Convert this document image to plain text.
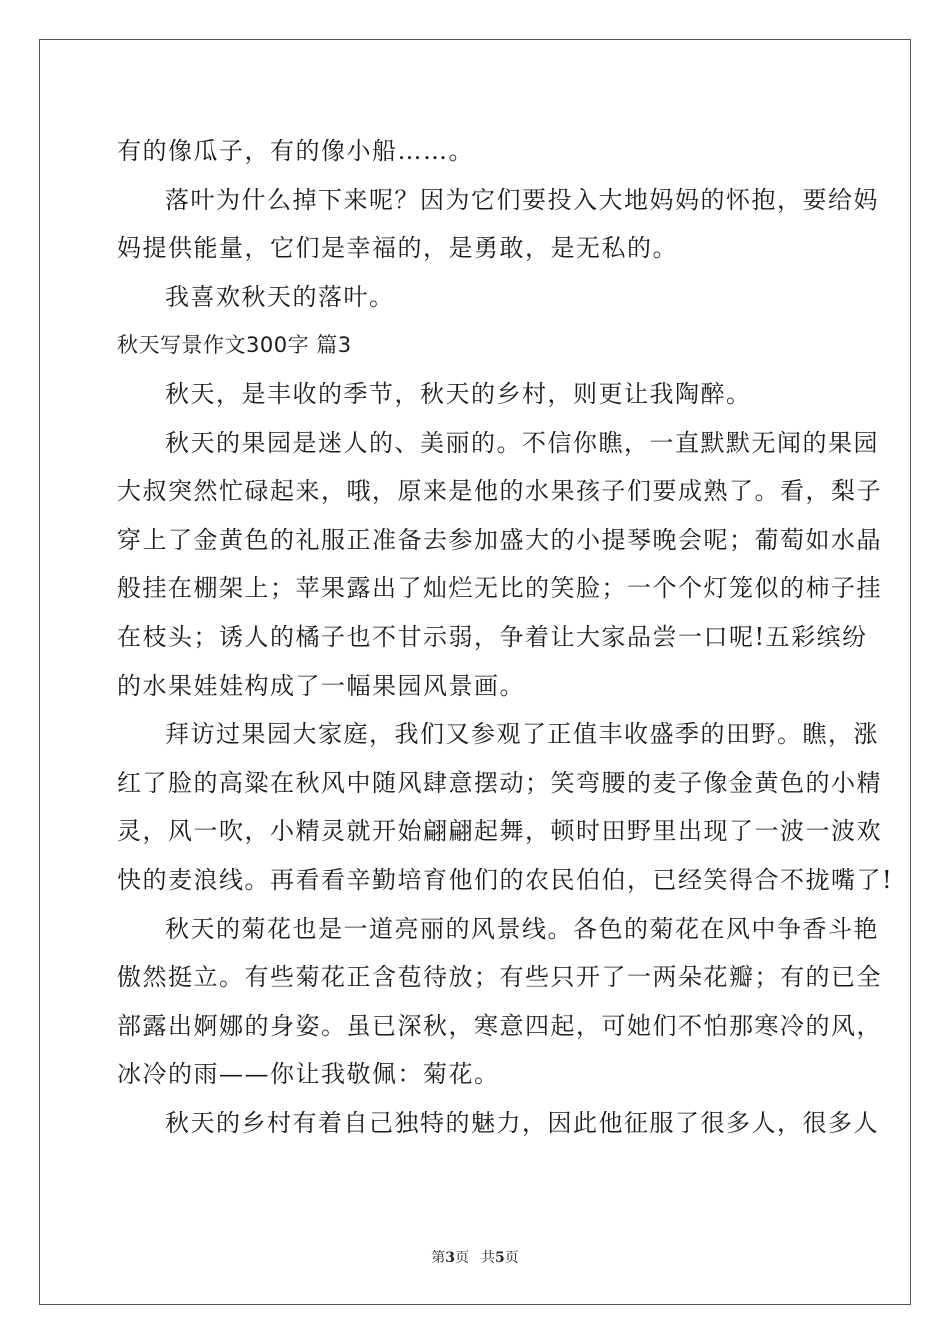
有的像瓜子，有的像小船……。
落叶为什么掉下来呢？因为它们要投入大地妈妈的怀抱，要给妈
妈提供能量，它们是幸福的，是勇敢，是无私的。
我喜欢秋天的落叶。
秋天写景作文300字 篇3
秋天，是丰收的季节，秋天的乡村，则更让我陶醉。
秋天的果园是迷人的、美丽的。不信你瞧，一直默默无闻的果园
大叔突然忙碌起来，哦，原来是他的水果孩子们要成熟了。看，梨子
穿上了金黄色的礼服正准备去参加盛大的小提琴晚会呢；葡萄如水晶
般挂在棚架上；苹果露出了灿烂无比的笑脸；一个个灯笼似的柿子挂
在枝头；诱人的橘子也不甘示弱，争着让大家品尝一口呢!五彩缤纷
的水果娃娃构成了一幅果园风景画。
拜访过果园大家庭，我们又参观了正值丰收盛季的田野。瞧，涨
红了脸的高粱在秋风中随风肆意摆动；笑弯腰的麦子像金黄色的小精
灵，风一吹，小精灵就开始翩翩起舞，顿时田野里出现了一波一波欢
快的麦浪线。再看看辛勤培育他们的农民伯伯，已经笑得合不拢嘴了!
秋天的菊花也是一道亮丽的风景线。各色的菊花在风中争香斗艳
傲然挺立。有些菊花正含苞待放；有些只开了一两朵花瓣；有的已全
部露出婀娜的身姿。虽已深秋，寒意四起，可她们不怕那寒冷的风，
冰冷的雨——你让我敬佩：菊花。
秋天的乡村有着自己独特的魅力，因此他征服了很多人，很多人
第3页 共5页
